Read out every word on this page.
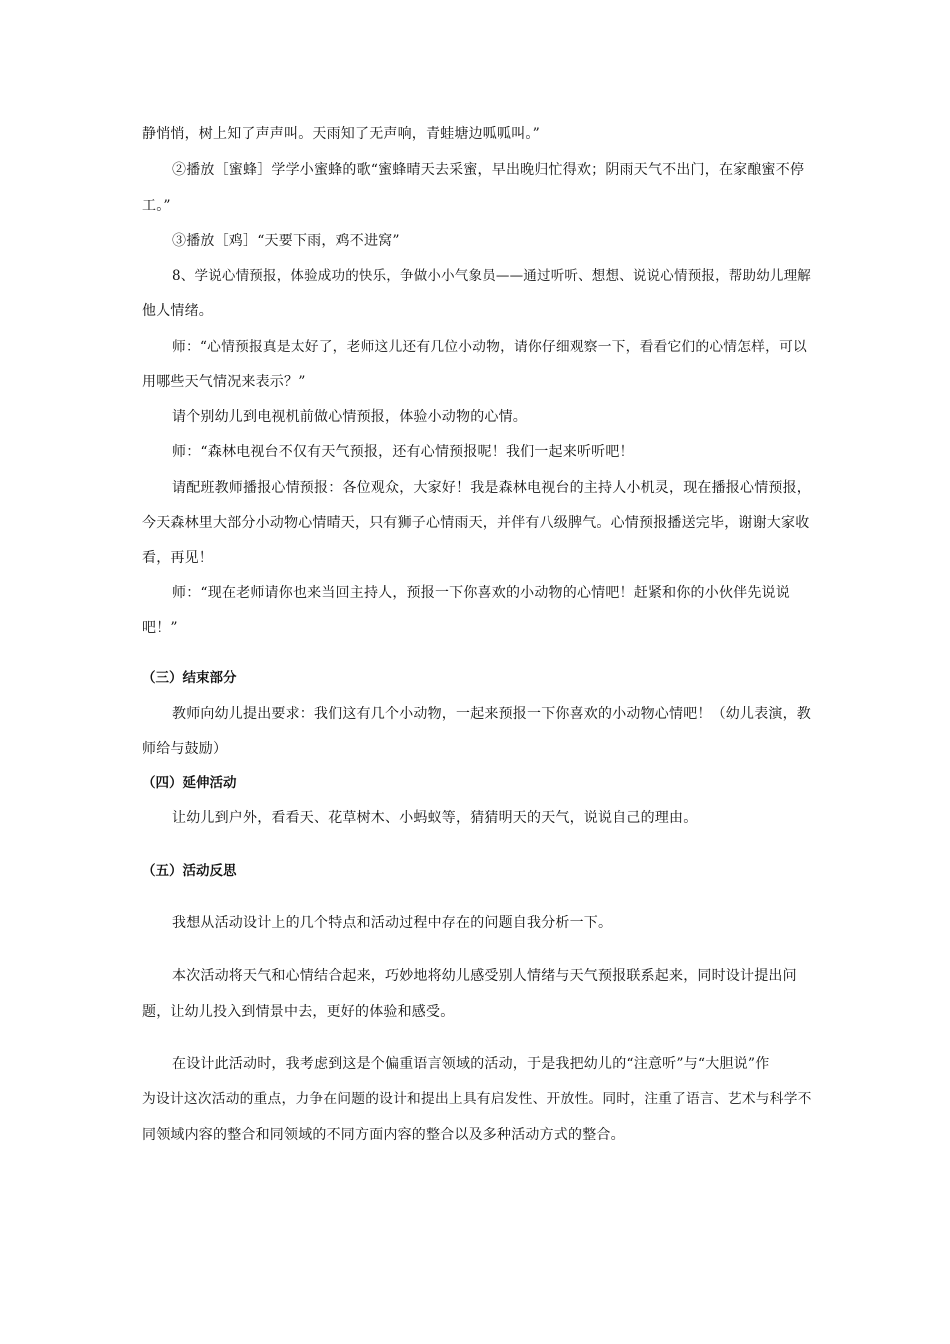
静悄悄，树上知了声声叫。天雨知了无声响，青蛙塘边呱呱叫。”
②播放［蜜蜂］学学小蜜蜂的歌“蜜蜂晴天去采蜜，早出晚归忙得欢；阴雨天气不出门，在家酿蜜不停
工。”
③播放［鸡］“天要下雨，鸡不进窝”
8、学说心情预报，体验成功的快乐，争做小小气象员——通过听听、想想、说说心情预报，帮助幼儿理解
他人情绪。
师：“心情预报真是太好了，老师这儿还有几位小动物，请你仔细观察一下，看看它们的心情怎样，可以
用哪些天气情况来表示？”
请个别幼儿到电视机前做心情预报，体验小动物的心情。
师：“森林电视台不仅有天气预报，还有心情预报呢！我们一起来听听吧！
请配班教师播报心情预报：各位观众，大家好！我是森林电视台的主持人小机灵，现在播报心情预报，
今天森林里大部分小动物心情晴天，只有狮子心情雨天，并伴有八级脾气。心情预报播送完毕，谢谢大家收
看，再见！
师：“现在老师请你也来当回主持人，预报一下你喜欢的小动物的心情吧！赶紧和你的小伙伴先说说
吧！”
（三）结束部分
教师向幼儿提出要求：我们这有几个小动物，一起来预报一下你喜欢的小动物心情吧！（幼儿表演，教
师给与鼓励）
（四）延伸活动
让幼儿到户外，看看天、花草树木、小蚂蚁等，猜猜明天的天气，说说自己的理由。
（五）活动反思
我想从活动设计上的几个特点和活动过程中存在的问题自我分析一下。
本次活动将天气和心情结合起来，巧妙地将幼儿感受别人情绪与天气预报联系起来，同时设计提出问
题，让幼儿投入到情景中去，更好的体验和感受。
在设计此活动时，我考虑到这是个偏重语言领域的活动，于是我把幼儿的“注意听”与“大胆说”作
为设计这次活动的重点，力争在问题的设计和提出上具有启发性、开放性。同时，注重了语言、艺术与科学不
同领域内容的整合和同领域的不同方面内容的整合以及多种活动方式的整合。
